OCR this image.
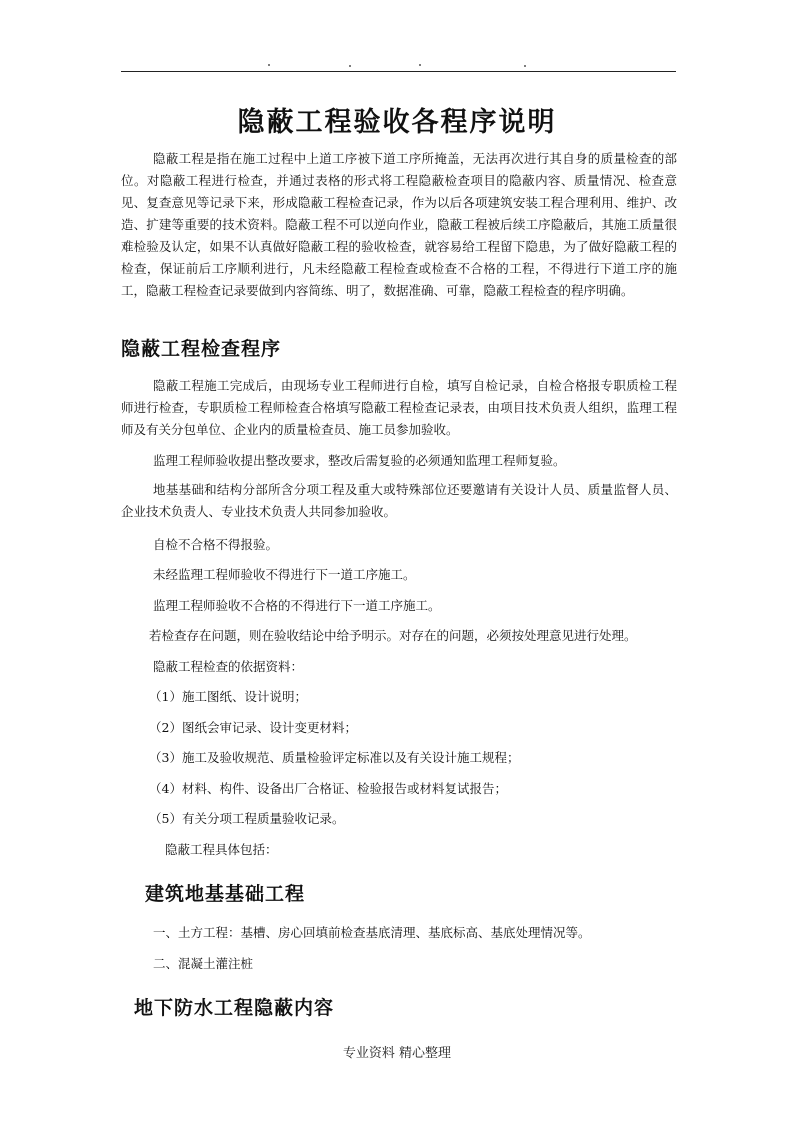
隐蔽工程验收各程序说明
隐蔽工程是指在施工过程中上道工序被下道工序所掩盖，无法再次进行其自身的质量检查的部位。对隐蔽工程进行检查，并通过表格的形式将工程隐蔽检查项目的隐蔽内容、质量情况、检查意见、复查意见等记录下来，形成隐蔽工程检查记录，作为以后各项建筑安装工程合理利用、维护、改造、扩建等重要的技术资料。隐蔽工程不可以逆向作业，隐蔽工程被后续工序隐蔽后，其施工质量很难检验及认定，如果不认真做好隐蔽工程的验收检查，就容易给工程留下隐患，为了做好隐蔽工程的检查，保证前后工序顺利进行，凡未经隐蔽工程检查或检查不合格的工程，不得进行下道工序的施工，隐蔽工程检查记录要做到内容简练、明了，数据准确、可靠，隐蔽工程检查的程序明确。
隐蔽工程检查程序
隐蔽工程施工完成后，由现场专业工程师进行自检，填写自检记录，自检合格报专职质检工程师进行检查，专职质检工程师检查合格填写隐蔽工程检查记录表，由项目技术负责人组织，监理工程师及有关分包单位、企业内的质量检查员、施工员参加验收。
监理工程师验收提出整改要求，整改后需复验的必须通知监理工程师复验。
地基基础和结构分部所含分项工程及重大或特殊部位还要邀请有关设计人员、质量监督人员、企业技术负责人、专业技术负责人共同参加验收。
自检不合格不得报验。
未经监理工程师验收不得进行下一道工序施工。
监理工程师验收不合格的不得进行下一道工序施工。
若检查存在问题，则在验收结论中给予明示。对存在的问题，必须按处理意见进行处理。
隐蔽工程检查的依据资料：
（1）施工图纸、设计说明；
（2）图纸会审记录、设计变更材料；
（3）施工及验收规范、质量检验评定标准以及有关设计施工规程；
（4）材料、构件、设备出厂合格证、检验报告或材料复试报告；
（5）有关分项工程质量验收记录。
隐蔽工程具体包括：
建筑地基基础工程
一、土方工程：基槽、房心回填前检查基底清理、基底标高、基底处理情况等。
二、混凝土灌注桩
地下防水工程隐蔽内容
专业资料 精心整理
